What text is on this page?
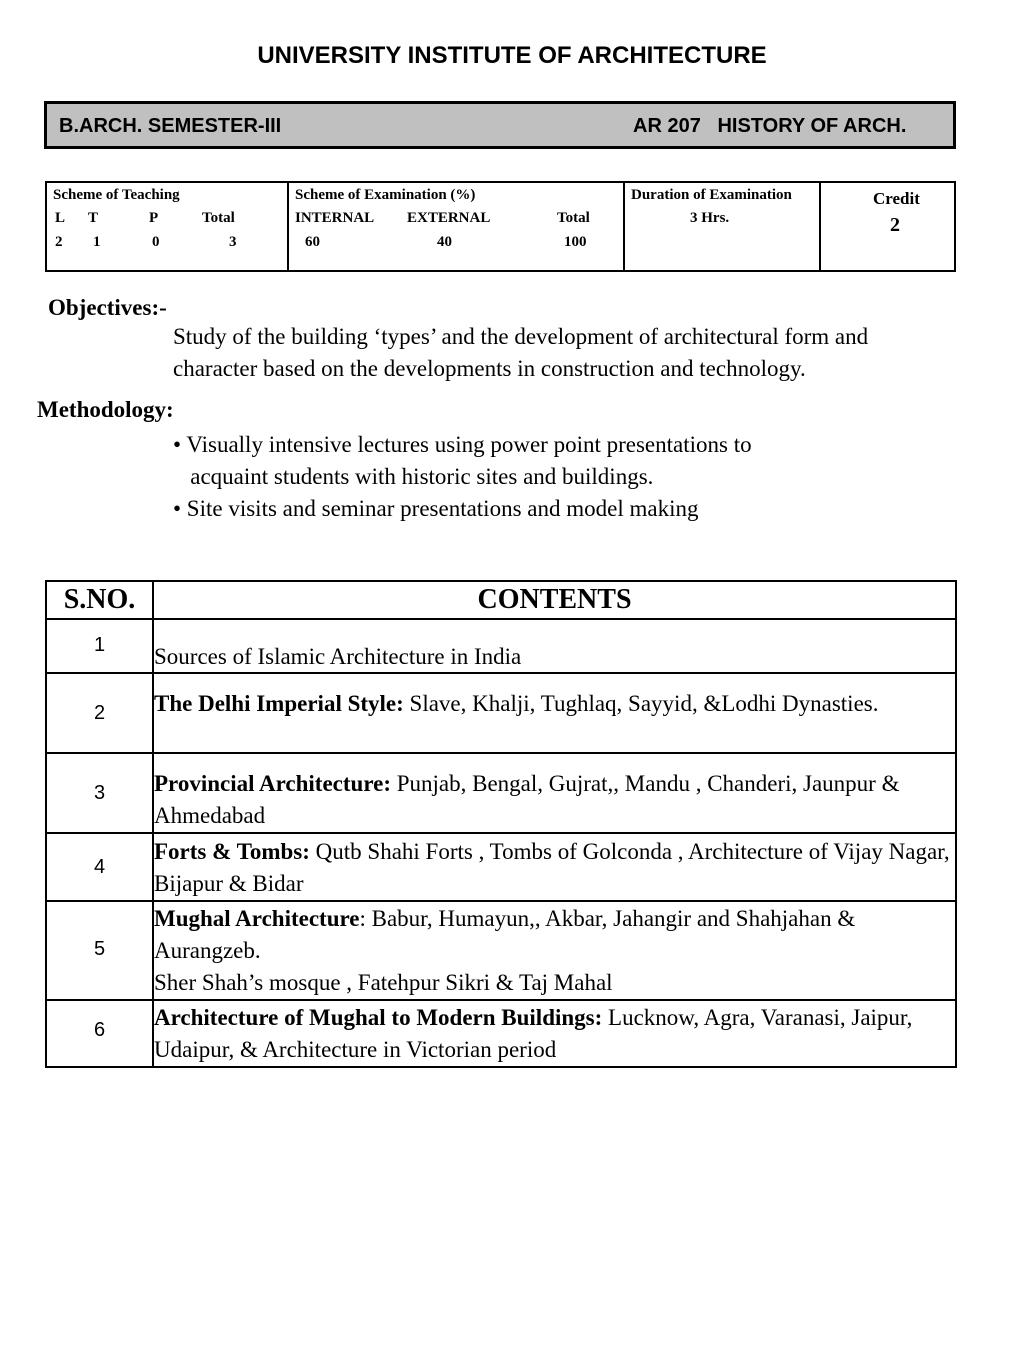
UNIVERSITY INSTITUTE OF ARCHITECTURE
B.ARCH. SEMESTER-III	AR 207   HISTORY OF ARCH.
Scheme of Teaching
L T	P	Total
2 1	0	3
Scheme of Examination (%)
INTERNAL EXTERNAL	Total
60	40	100
Duration of Examination
3 Hrs.
Credit
2
Objectives:-
Study of the building ‘types’ and the development of architectural form and
character based on the developments in construction and technology.
Methodology:
• Visually intensive lectures using power point presentations to
acquaint students with historic sites and buildings.
• Site visits and seminar presentations and model making
S.NO.	CONTENTS
1	Sources of Islamic Architecture in India
2	The Delhi Imperial Style: Slave, Khalji, Tughlaq, Sayyid, &Lodhi Dynasties.
3	Provincial Architecture: Punjab, Bengal, Gujrat,, Mandu , Chanderi, Jaunpur & Ahmedabad
4	Forts & Tombs: Qutb Shahi Forts , Tombs of Golconda , Architecture of Vijay Nagar, Bijapur & Bidar
5	Mughal Architecture: Babur, Humayun,, Akbar, Jahangir and Shahjahan & Aurangzeb.
Sher Shah’s mosque , Fatehpur Sikri & Taj Mahal
6	Architecture of Mughal to Modern Buildings: Lucknow, Agra, Varanasi, Jaipur, Udaipur, & Architecture in Victorian period
